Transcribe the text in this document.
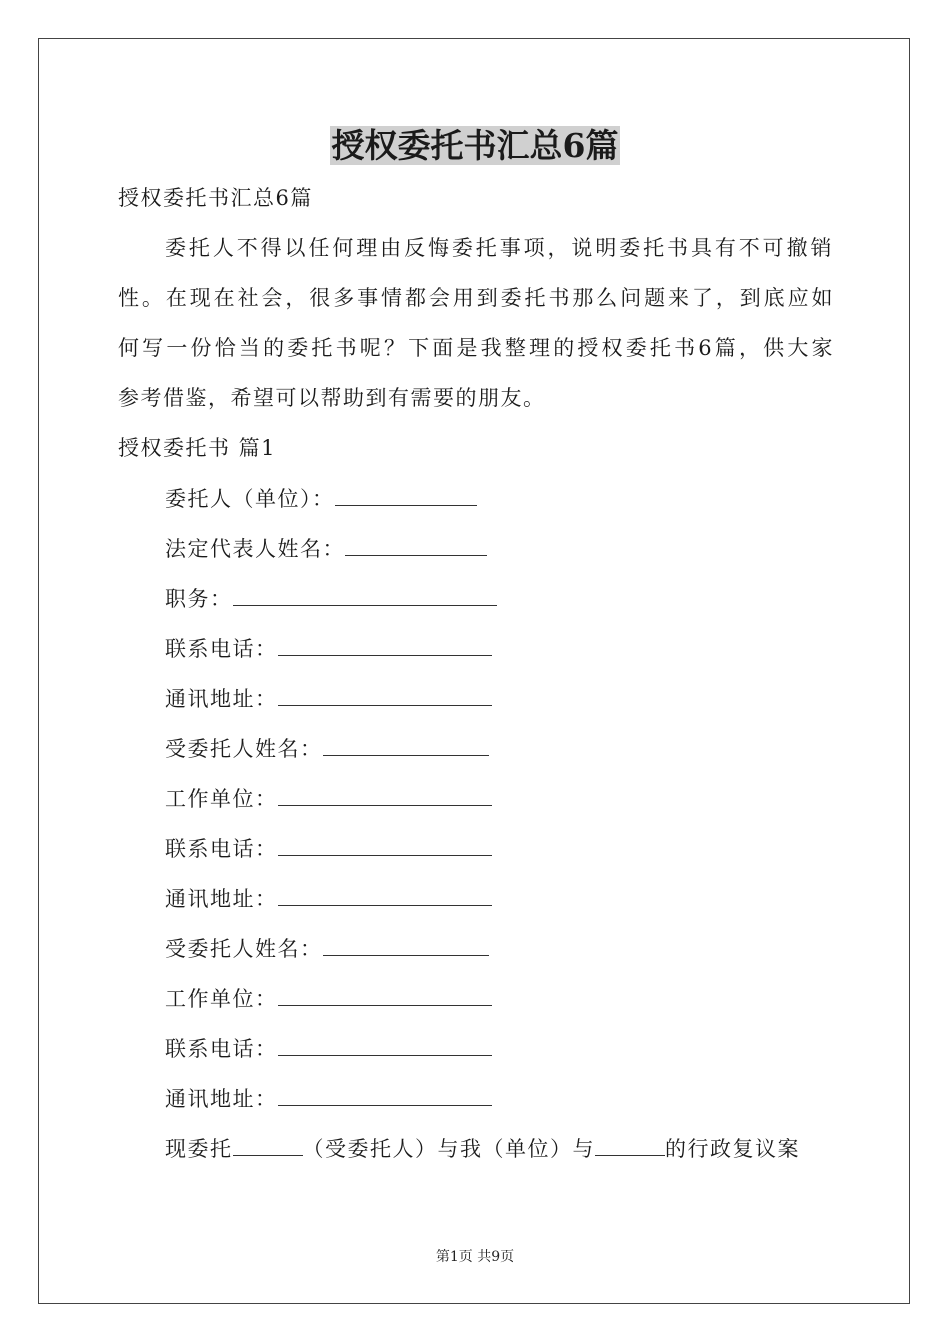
授权委托书汇总6篇
授权委托书汇总6篇
委托人不得以任何理由反悔委托事项，说明委托书具有不可撤销
性。在现在社会，很多事情都会用到委托书那么问题来了，到底应如
何写一份恰当的委托书呢？下面是我整理的授权委托书6篇，供大家
参考借鉴，希望可以帮助到有需要的朋友。
授权委托书 篇1
委托人（单位）：
法定代表人姓名：
职务：
联系电话：
通讯地址：
受委托人姓名：
工作单位：
联系电话：
通讯地址：
受委托人姓名：
工作单位：
联系电话：
通讯地址：
现委托	（受委托人）与我（单位）与	的行政复议案
第1页 共9页
